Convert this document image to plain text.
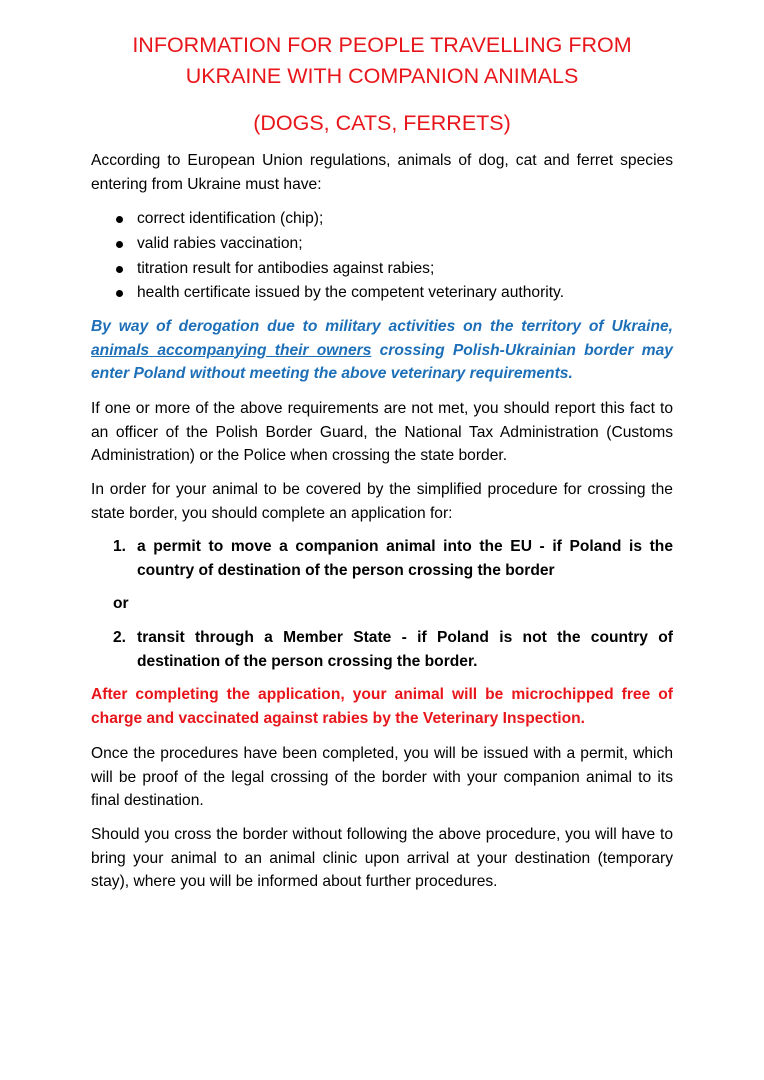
INFORMATION FOR PEOPLE TRAVELLING FROM
UKRAINE WITH COMPANION ANIMALS
(DOGS, CATS, FERRETS)

According to European Union regulations, animals of dog, cat and ferret species entering from Ukraine must have:

correct identification (chip);
valid rabies vaccination;
titration result for antibodies against rabies;
health certificate issued by the competent veterinary authority.

By way of derogation due to military activities on the territory of Ukraine, animals accompanying their owners crossing Polish-Ukrainian border may enter Poland without meeting the above veterinary requirements.

If one or more of the above requirements are not met, you should report this fact to an officer of the Polish Border Guard, the National Tax Administration (Customs Administration) or the Police when crossing the state border.

In order for your animal to be covered by the simplified procedure for crossing the state border, you should complete an application for:

1. a permit to move a companion animal into the EU - if Poland is the country of destination of the person crossing the border
or
2. transit through a Member State - if Poland is not the country of destination of the person crossing the border.

After completing the application, your animal will be microchipped free of charge and vaccinated against rabies by the Veterinary Inspection.

Once the procedures have been completed, you will be issued with a permit, which will be proof of the legal crossing of the border with your companion animal to its final destination.

Should you cross the border without following the above procedure, you will have to bring your animal to an animal clinic upon arrival at your destination (temporary stay), where you will be informed about further procedures.
